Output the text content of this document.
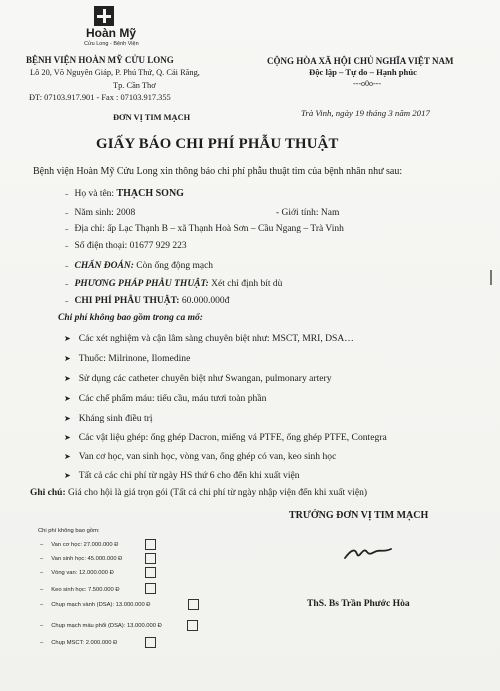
Hoàn Mỹ
Cửu Long - Bệnh Viện
BỆNH VIỆN HOÀN MỸ CỬU LONG
Lô 20, Võ Nguyên Giáp, P. Phú Thứ, Q. Cái Răng,
Tp. Cần Thơ
ĐT: 07103.917.901 - Fax : 07103.917.355
ĐƠN VỊ TIM MẠCH
CỘNG HÒA XÃ HỘI CHỦ NGHĨA VIỆT NAM
Độc lập – Tự do – Hạnh phúc
---o0o---
Trà Vinh, ngày 19 tháng 3 năm 2017
GIẤY BÁO CHI PHÍ PHẪU THUẬT
Bệnh viện Hoàn Mỹ Cửu Long xin thông báo chi phí phẫu thuật tim của bệnh nhân như sau:
– Họ và tên: THẠCH SONG
– Năm sinh: 2008	- Giới tính: Nam
– Địa chỉ: ấp Lạc Thạnh B – xã Thạnh Hoà Sơn – Cầu Ngang – Trà Vinh
– Số điện thoại: 01677 929 223
– CHẨN ĐOÁN: Còn ống động mạch
– PHƯƠNG PHÁP PHẪU THUẬT: Xét chỉ định bít dù
– CHI PHÍ PHẪU THUẬT: 60.000.000đ
Chi phí không bao gồm trong ca mổ:
➤ Các xét nghiệm và cận lâm sàng chuyên biệt như: MSCT, MRI, DSA…
➤ Thuốc: Milrinone, Ilomedine
➤ Sử dụng các catheter chuyên biệt như Swangan, pulmonary artery
➤ Các chế phẩm máu: tiểu cầu, máu tươi toàn phần
➤ Kháng sinh điều trị
➤ Các vật liệu ghép: ống ghép Dacron, miếng vá PTFE, ống ghép PTFE, Contegra
➤ Van cơ học, van sinh học, vòng van, ống ghép có van, keo sinh học
➤ Tất cả các chi phí từ ngày HS thứ 6 cho đến khi xuất viện
Ghi chú: Giá cho hội là giá trọn gói (Tất cả chi phí từ ngày nhập viện đến khi xuất viện)
TRƯỞNG ĐƠN VỊ TIM MẠCH
ThS. Bs Trần Phước Hòa
Chi phí không bao gồm:
– Van cơ học: 27.000.000 Đ
– Van sinh học: 45.000.000 Đ
– Vòng van: 12.000.000 Đ
– Keo sinh học: 7.500.000 Đ
– Chụp mạch vành (DSA): 13.000.000 Đ
– Chụp mạch máu phổi (DSA): 13.000.000 Đ
– Chụp MSCT: 2.000.000 Đ
